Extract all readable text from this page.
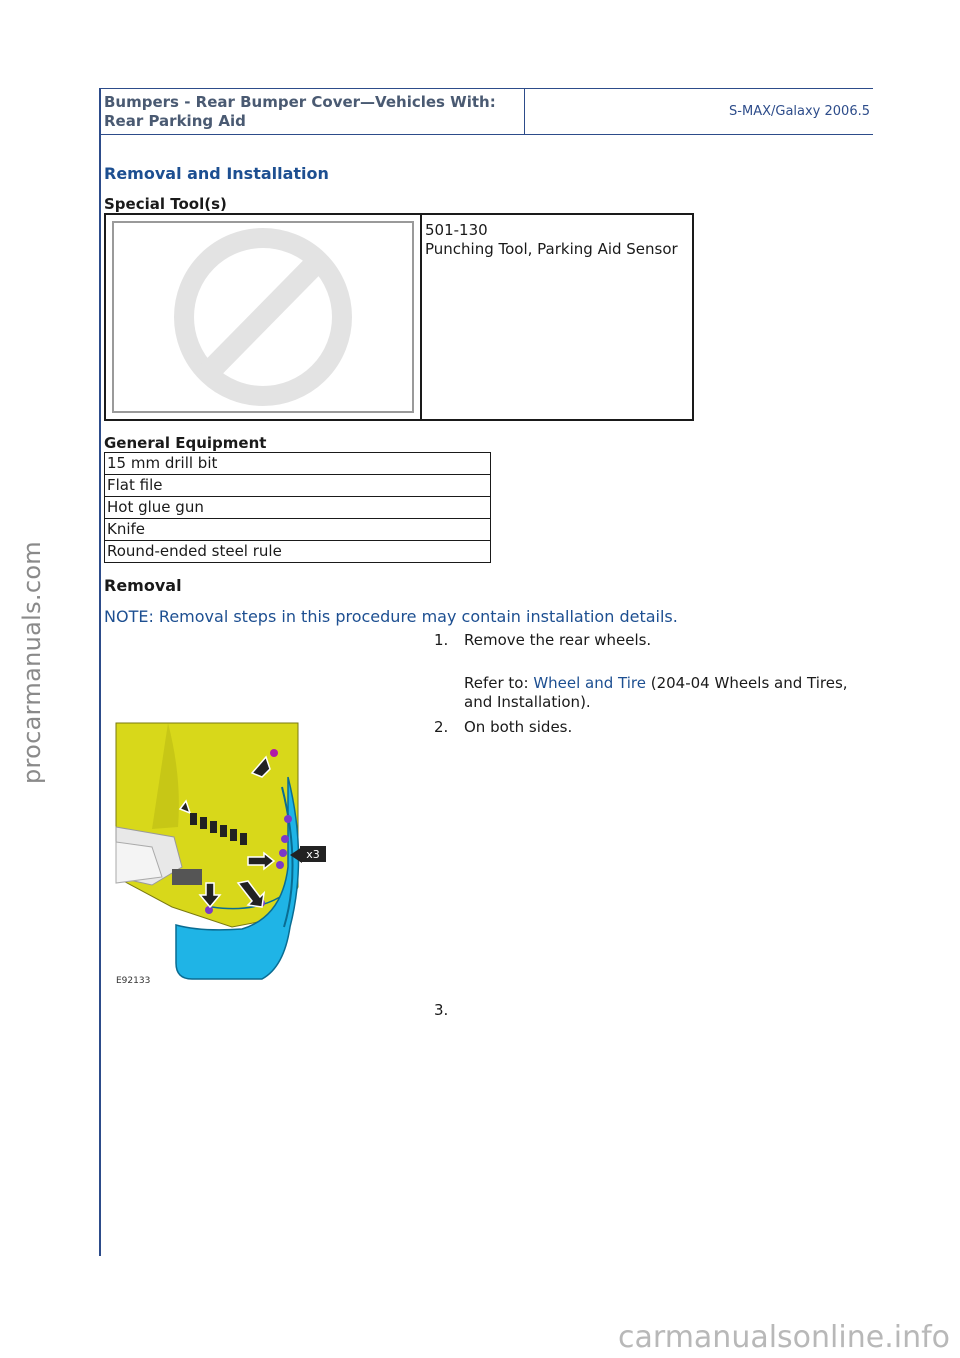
procarmanuals.com
Bumpers - Rear Bumper Cover—Vehicles With:
Rear Parking Aid
S-MAX/Galaxy 2006.5
Removal and Installation
Special Tool(s)
501-130
Punching Tool, Parking Aid Sensor
General Equipment
15 mm drill bit
Flat file
Hot glue gun
Knife
Round-ended steel rule
Removal
NOTE: Removal steps in this procedure may contain installation details.
1. Remove the rear wheels.
Refer to: Wheel and Tire (204-04 Wheels and Tires,
and Installation).
2. On both sides.
x3
E92133
3.
carmanualsonline.info
